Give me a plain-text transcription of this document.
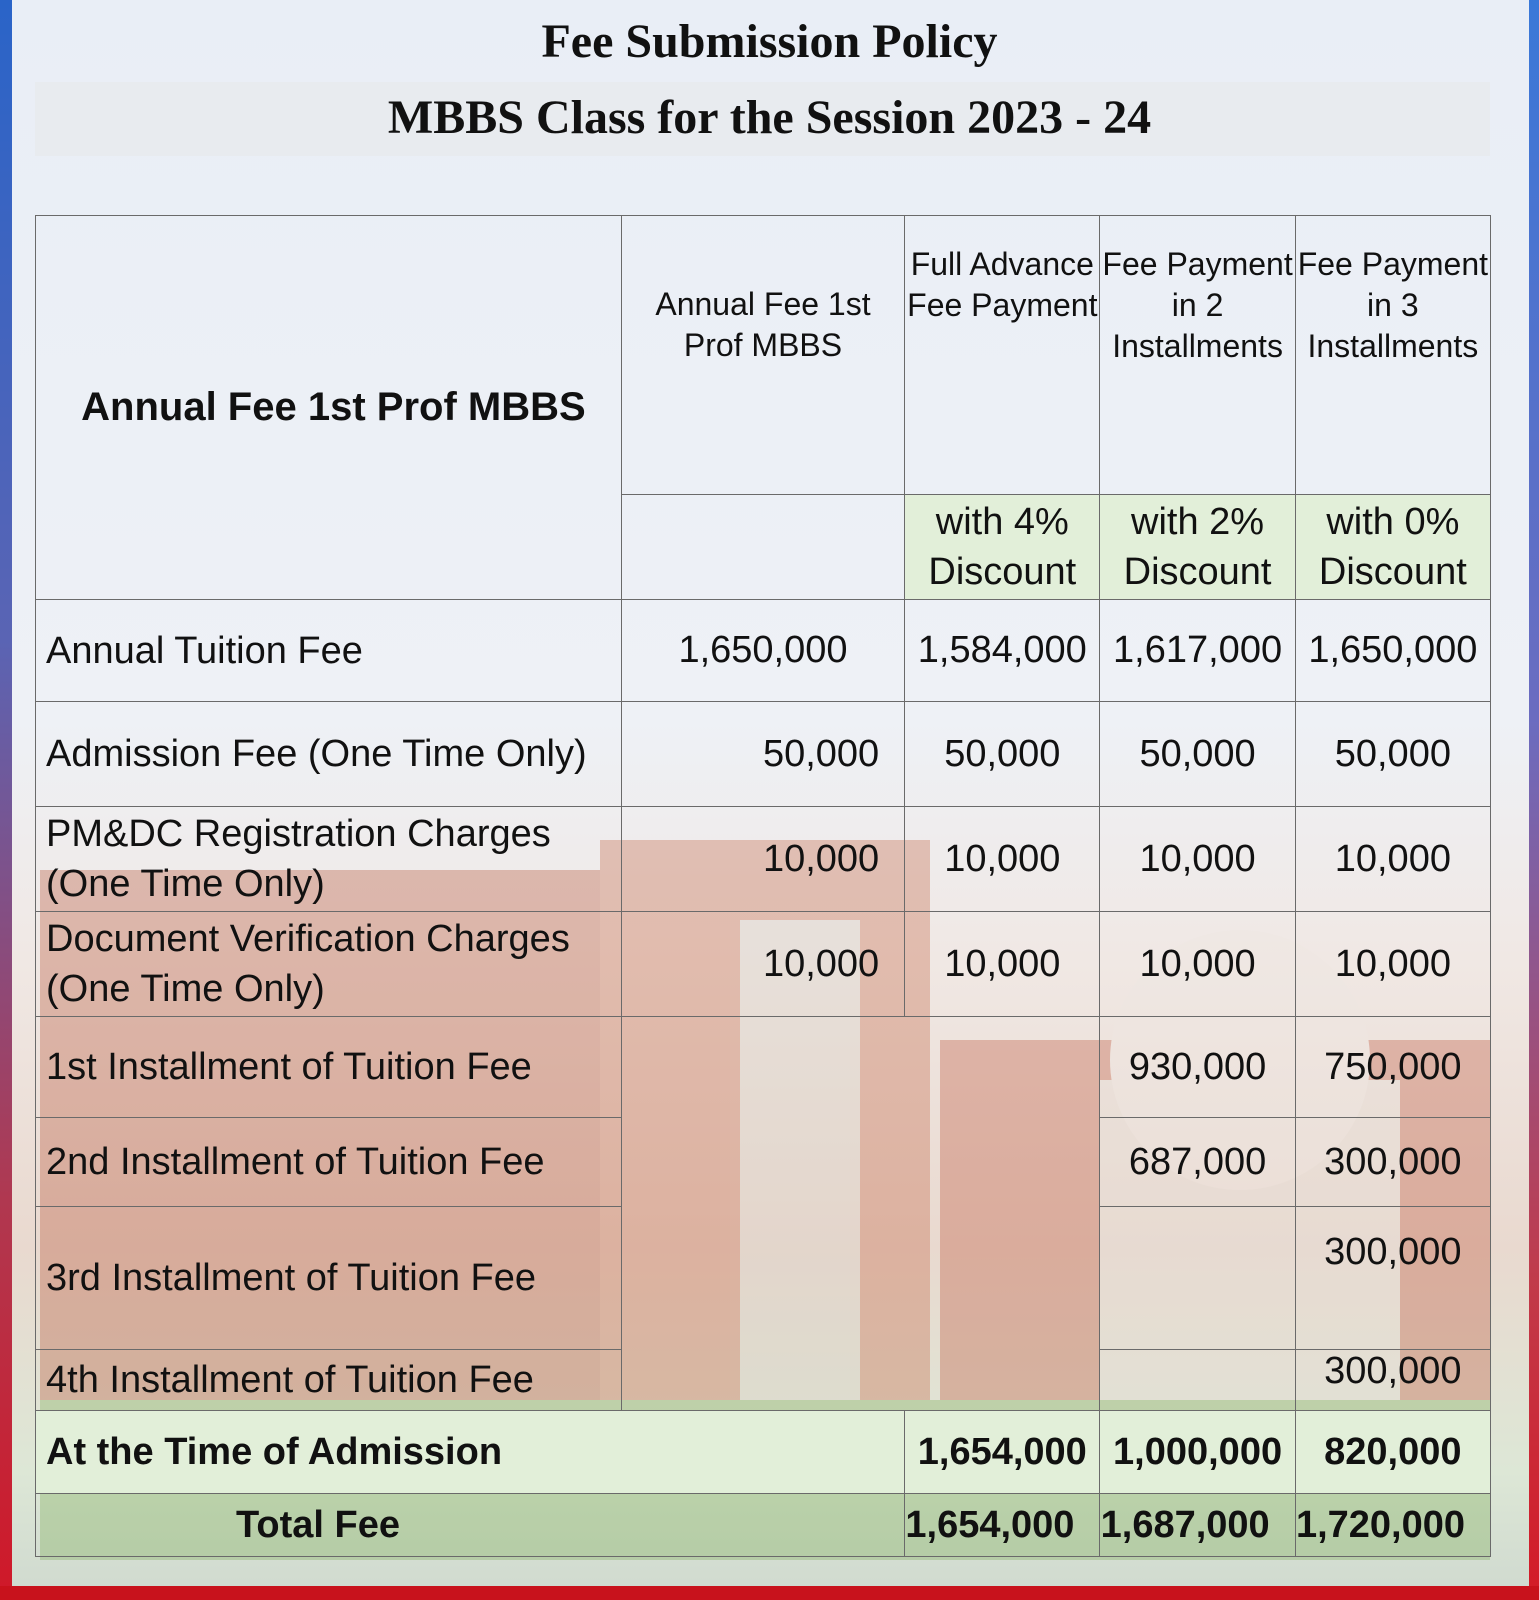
Fee Submission Policy
MBBS Class for the Session 2023 - 24
Annual Fee 1st Prof MBBS	Annual Fee 1st Prof MBBS	Full Advance Fee Payment	Fee Payment in 2 Installments	Fee Payment in 3 Installments
		with 4% Discount	with 2% Discount	with 0% Discount
Annual Tuition Fee	1,650,000	1,584,000	1,617,000	1,650,000
Admission Fee (One Time Only)	50,000	50,000	50,000	50,000
PM&DC Registration Charges (One Time Only)	10,000	10,000	10,000	10,000
Document Verification Charges (One Time Only)	10,000	10,000	10,000	10,000
1st Installment of Tuition Fee			930,000	750,000
2nd Installment of Tuition Fee			687,000	300,000
3rd Installment of Tuition Fee				300,000
4th Installment of Tuition Fee				300,000
At the Time of Admission		1,654,000	1,000,000	820,000
Total Fee		1,654,000	1,687,000	1,720,000
